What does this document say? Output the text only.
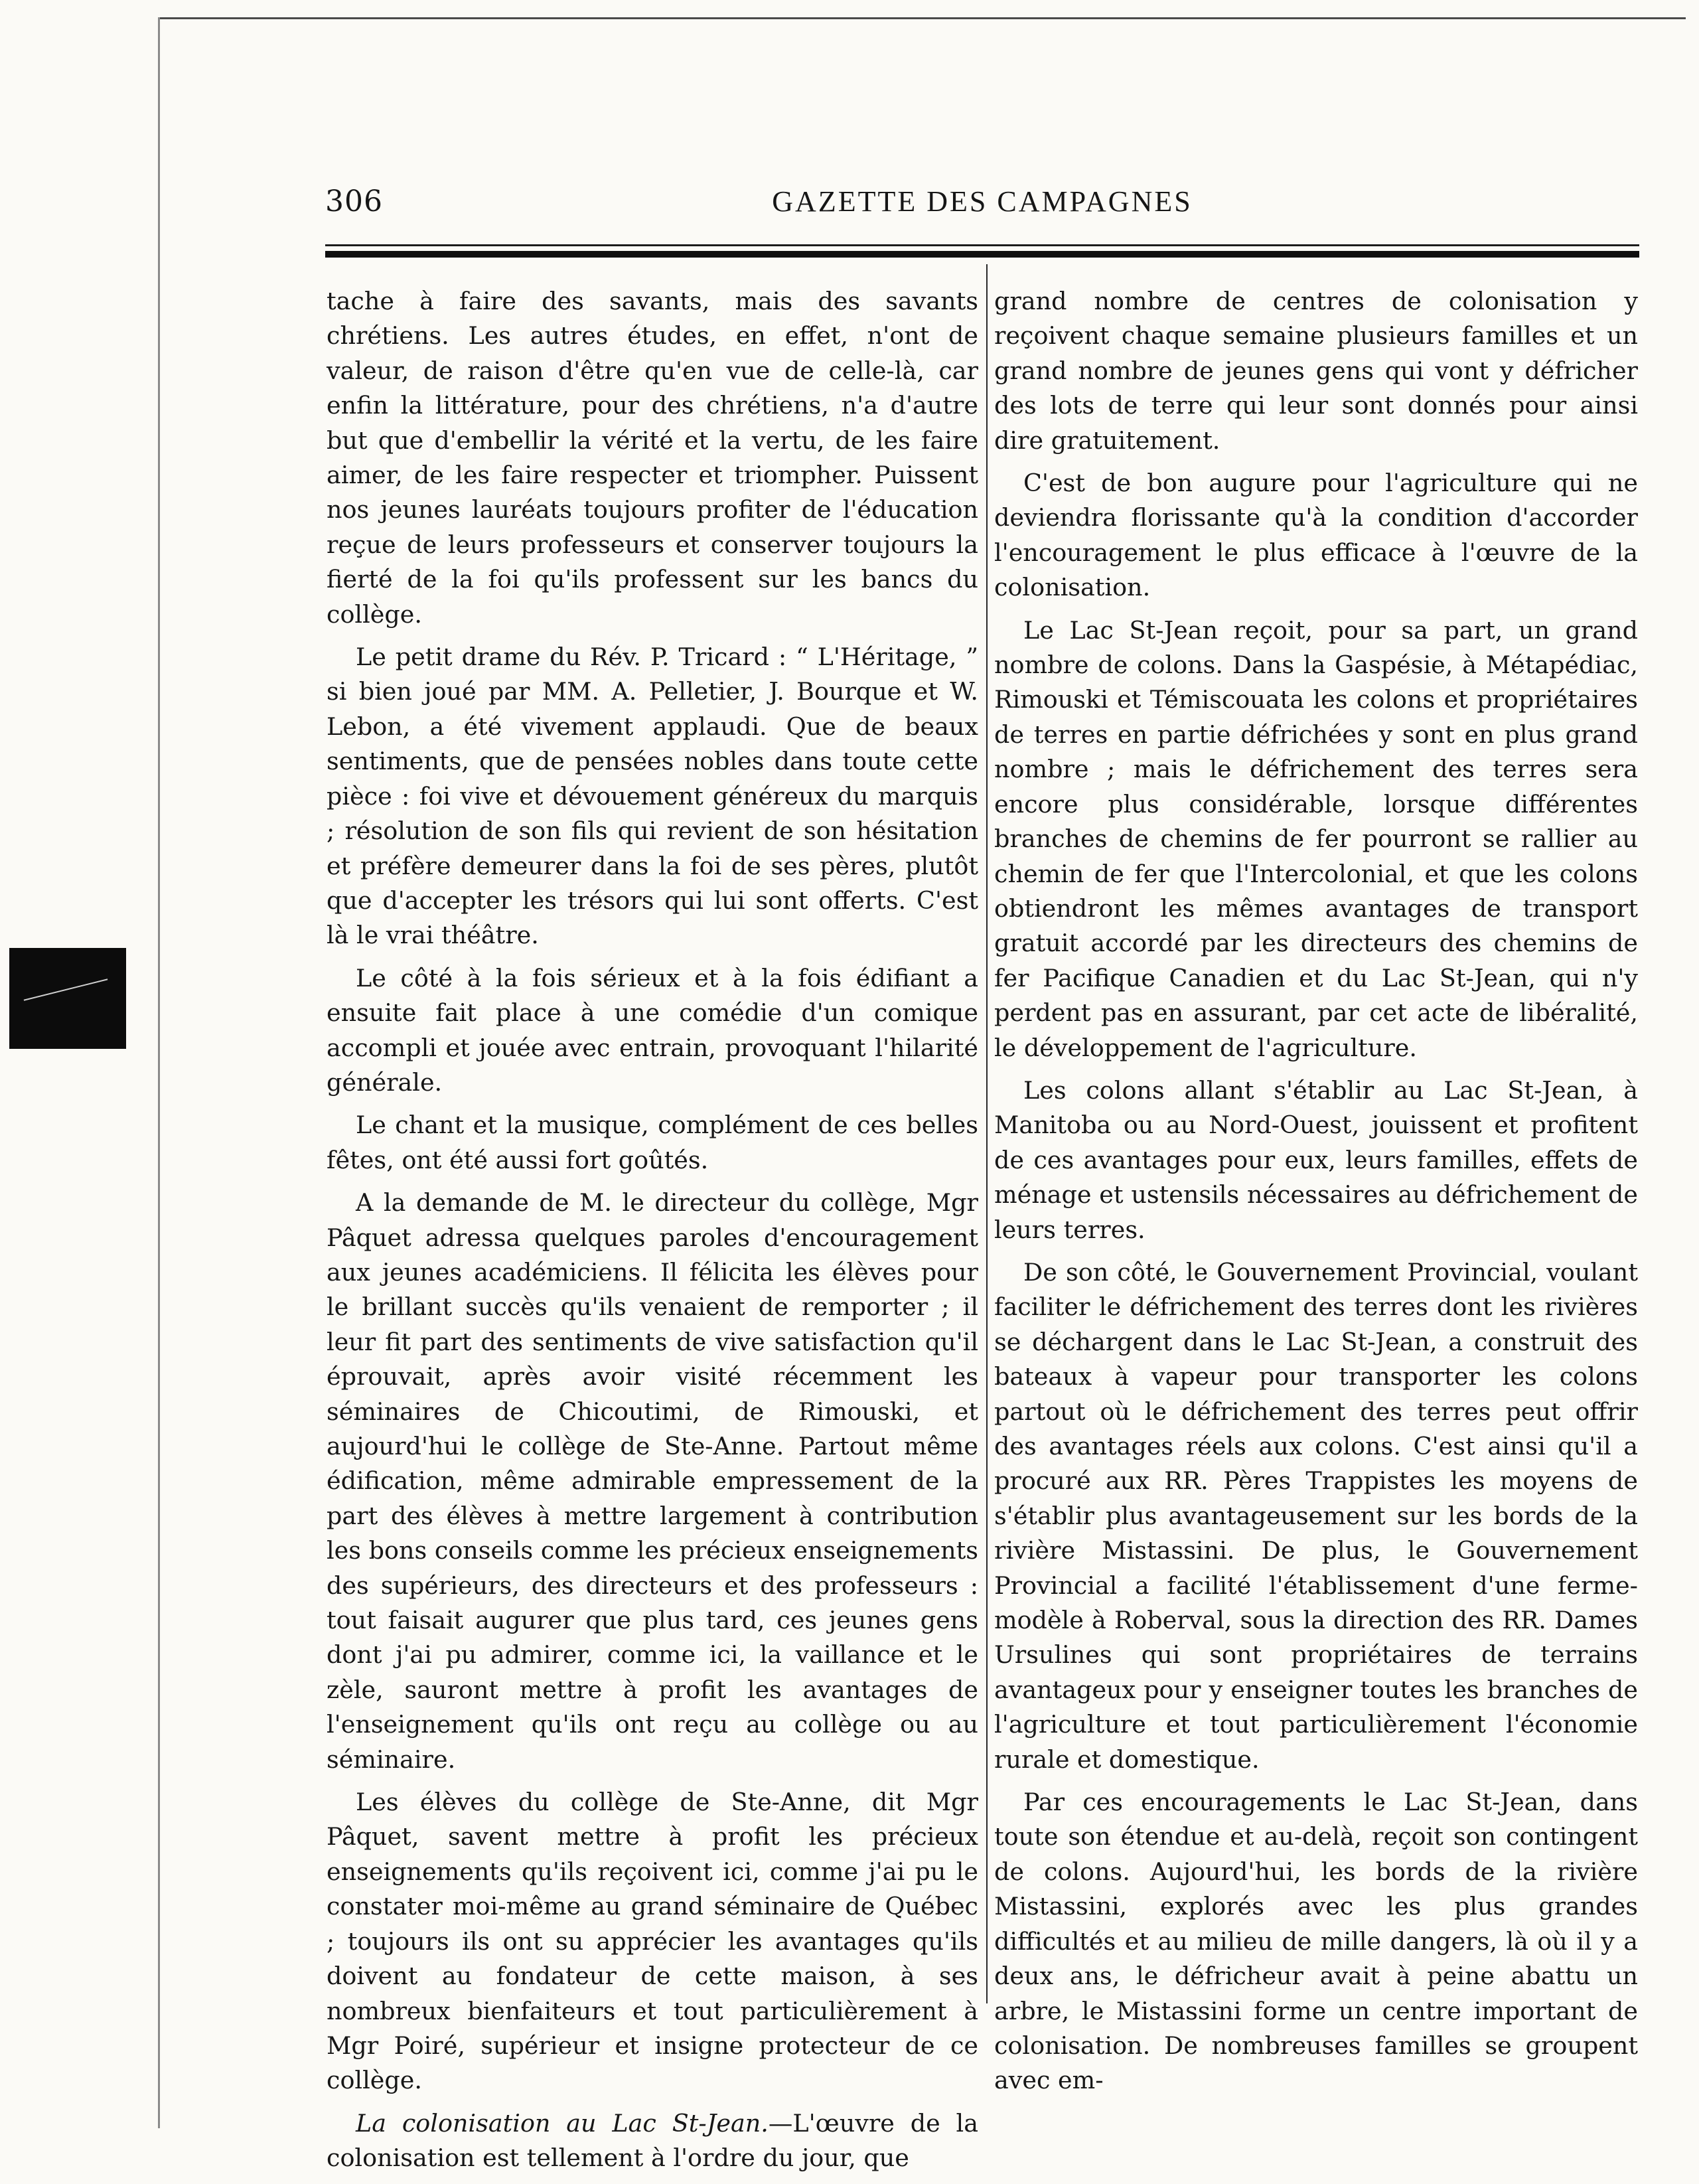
306	GAZETTE DES CAMPAGNES

tache à faire des savants, mais des savants chrétiens. Les autres études, en effet, n'ont de valeur, de raison d'être qu'en vue de celle-là, car enfin la littérature, pour des chrétiens, n'a d'autre but que d'embellir la vérité et la vertu, de les faire aimer, de les faire respecter et triompher. Puissent nos jeunes lauréats toujours profiter de l'éducation reçue de leurs professeurs et conserver toujours la fierté de la foi qu'ils professent sur les bancs du collège.

Le petit drame du Rév. P. Tricard : “ L'Héritage, ” si bien joué par MM. A. Pelletier, J. Bourque et W. Lebon, a été vivement applaudi. Que de beaux sentiments, que de pensées nobles dans toute cette pièce : foi vive et dévouement généreux du marquis ; résolution de son fils qui revient de son hésitation et préfère demeurer dans la foi de ses pères, plutôt que d'accepter les trésors qui lui sont offerts. C'est là le vrai théâtre.

Le côté à la fois sérieux et à la fois édifiant a ensuite fait place à une comédie d'un comique accompli et jouée avec entrain, provoquant l'hilarité générale.

Le chant et la musique, complément de ces belles fêtes, ont été aussi fort goûtés.

A la demande de M. le directeur du collège, Mgr Pâquet adressa quelques paroles d'encouragement aux jeunes académiciens. Il félicita les élèves pour le brillant succès qu'ils venaient de remporter ; il leur fit part des sentiments de vive satisfaction qu'il éprouvait, après avoir visité récemment les séminaires de Chicoutimi, de Rimouski, et aujourd'hui le collège de Ste-Anne. Partout même édification, même admirable empressement de la part des élèves à mettre largement à contribution les bons conseils comme les précieux enseignements des supérieurs, des directeurs et des professeurs : tout faisait augurer que plus tard, ces jeunes gens dont j'ai pu admirer, comme ici, la vaillance et le zèle, sauront mettre à profit les avantages de l'enseignement qu'ils ont reçu au collège ou au séminaire.

Les élèves du collège de Ste-Anne, dit Mgr Pâquet, savent mettre à profit les précieux enseignements qu'ils reçoivent ici, comme j'ai pu le constater moi-même au grand séminaire de Québec ; toujours ils ont su apprécier les avantages qu'ils doivent au fondateur de cette maison, à ses nombreux bienfaiteurs et tout particulièrement à Mgr Poiré, supérieur et insigne protecteur de ce collège.

La colonisation au Lac St-Jean.—L'œuvre de la colonisation est tellement à l'ordre du jour, que

grand nombre de centres de colonisation y reçoivent chaque semaine plusieurs familles et un grand nombre de jeunes gens qui vont y défricher des lots de terre qui leur sont donnés pour ainsi dire gratuitement.

C'est de bon augure pour l'agriculture qui ne deviendra florissante qu'à la condition d'accorder l'encouragement le plus efficace à l'œuvre de la colonisation.

Le Lac St-Jean reçoit, pour sa part, un grand nombre de colons. Dans la Gaspésie, à Métapédiac, Rimouski et Témiscouata les colons et propriétaires de terres en partie défrichées y sont en plus grand nombre ; mais le défrichement des terres sera encore plus considérable, lorsque différentes branches de chemins de fer pourront se rallier au chemin de fer que l'Intercolonial, et que les colons obtiendront les mêmes avantages de transport gratuit accordé par les directeurs des chemins de fer Pacifique Canadien et du Lac St-Jean, qui n'y perdent pas en assurant, par cet acte de libéralité, le développement de l'agriculture.

Les colons allant s'établir au Lac St-Jean, à Manitoba ou au Nord-Ouest, jouissent et profitent de ces avantages pour eux, leurs familles, effets de ménage et ustensils nécessaires au défrichement de leurs terres.

De son côté, le Gouvernement Provincial, voulant faciliter le défrichement des terres dont les rivières se déchargent dans le Lac St-Jean, a construit des bateaux à vapeur pour transporter les colons partout où le défrichement des terres peut offrir des avantages réels aux colons. C'est ainsi qu'il a procuré aux RR. Pères Trappistes les moyens de s'établir plus avantageusement sur les bords de la rivière Mistassini. De plus, le Gouvernement Provincial a facilité l'établissement d'une ferme-modèle à Roberval, sous la direction des RR. Dames Ursulines qui sont propriétaires de terrains avantageux pour y enseigner toutes les branches de l'agriculture et tout particulièrement l'économie rurale et domestique.

Par ces encouragements le Lac St-Jean, dans toute son étendue et au-delà, reçoit son contingent de colons. Aujourd'hui, les bords de la rivière Mistassini, explorés avec les plus grandes difficultés et au milieu de mille dangers, là où il y a deux ans, le défricheur avait à peine abattu un arbre, le Mistassini forme un centre important de colonisation. De nombreuses familles se groupent avec em-
